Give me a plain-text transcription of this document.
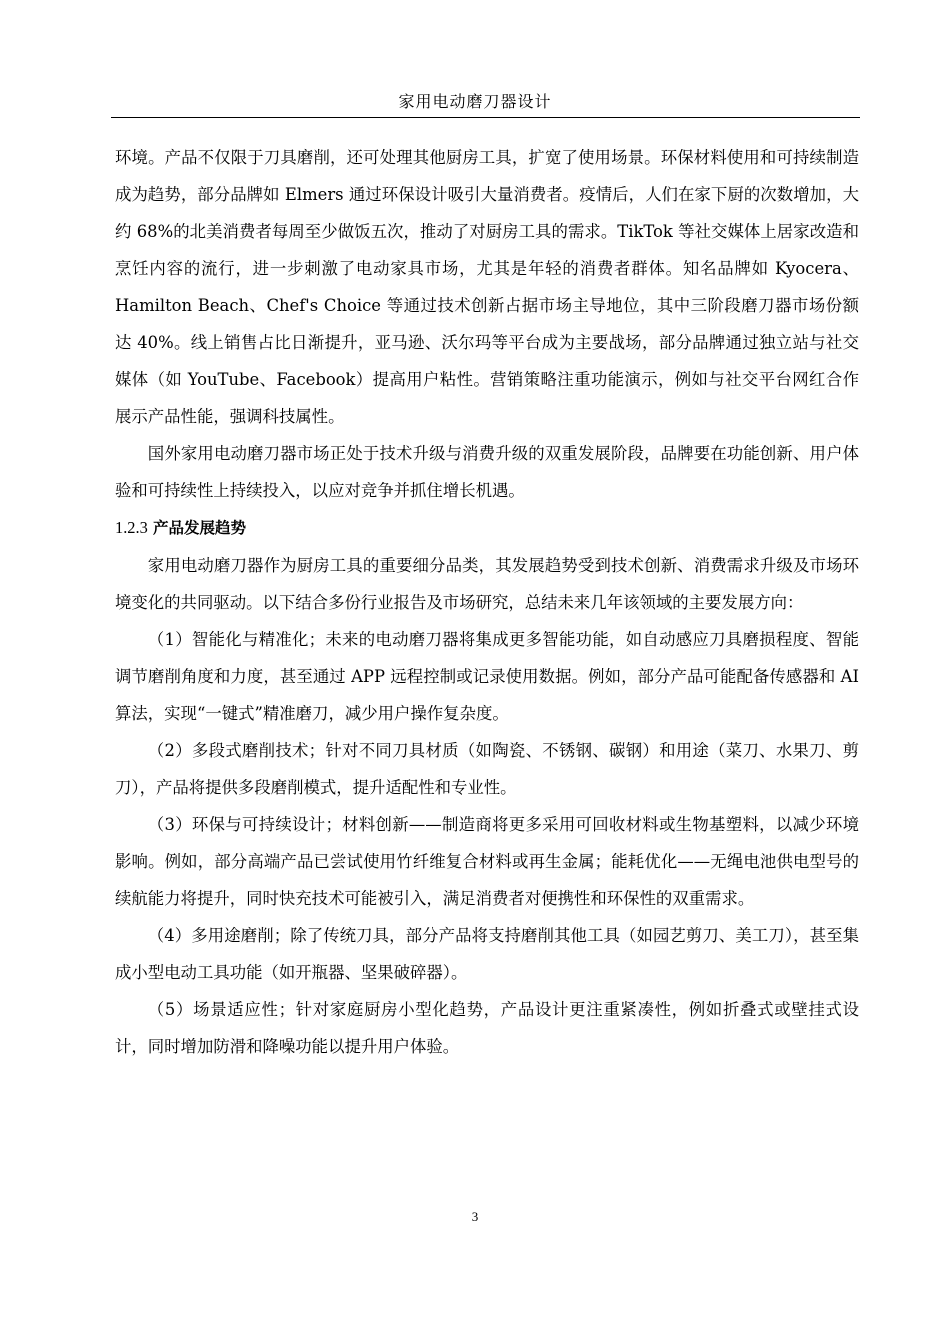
家用电动磨刀器设计

环境。产品不仅限于刀具磨削，还可处理其他厨房工具，扩宽了使用场景。环保材料使用和可持续制造成为趋势，部分品牌如 Elmers 通过环保设计吸引大量消费者。疫情后，人们在家下厨的次数增加，大约 68%的北美消费者每周至少做饭五次，推动了对厨房工具的需求。TikTok 等社交媒体上居家改造和烹饪内容的流行，进一步刺激了电动家具市场，尤其是年轻的消费者群体。知名品牌如 Kyocera、Hamilton Beach、Chef's Choice 等通过技术创新占据市场主导地位，其中三阶段磨刀器市场份额达 40%。线上销售占比日渐提升，亚马逊、沃尔玛等平台成为主要战场，部分品牌通过独立站与社交媒体（如 YouTube、Facebook）提高用户粘性。营销策略注重功能演示，例如与社交平台网红合作展示产品性能，强调科技属性。

国外家用电动磨刀器市场正处于技术升级与消费升级的双重发展阶段，品牌要在功能创新、用户体验和可持续性上持续投入，以应对竞争并抓住增长机遇。

1.2.3 产品发展趋势

家用电动磨刀器作为厨房工具的重要细分品类，其发展趋势受到技术创新、消费需求升级及市场环境变化的共同驱动。以下结合多份行业报告及市场研究，总结未来几年该领域的主要发展方向：

（1）智能化与精准化；未来的电动磨刀器将集成更多智能功能，如自动感应刀具磨损程度、智能调节磨削角度和力度，甚至通过 APP 远程控制或记录使用数据。例如，部分产品可能配备传感器和 AI 算法，实现“一键式”精准磨刀，减少用户操作复杂度。

（2）多段式磨削技术；针对不同刀具材质（如陶瓷、不锈钢、碳钢）和用途（菜刀、水果刀、剪刀），产品将提供多段磨削模式，提升适配性和专业性。

（3）环保与可持续设计；材料创新——制造商将更多采用可回收材料或生物基塑料，以减少环境影响。例如，部分高端产品已尝试使用竹纤维复合材料或再生金属；能耗优化——无绳电池供电型号的续航能力将提升，同时快充技术可能被引入，满足消费者对便携性和环保性的双重需求。

（4）多用途磨削；除了传统刀具，部分产品将支持磨削其他工具（如园艺剪刀、美工刀），甚至集成小型电动工具功能（如开瓶器、坚果破碎器）。

（5）场景适应性；针对家庭厨房小型化趋势，产品设计更注重紧凑性，例如折叠式或壁挂式设计，同时增加防滑和降噪功能以提升用户体验。

3
